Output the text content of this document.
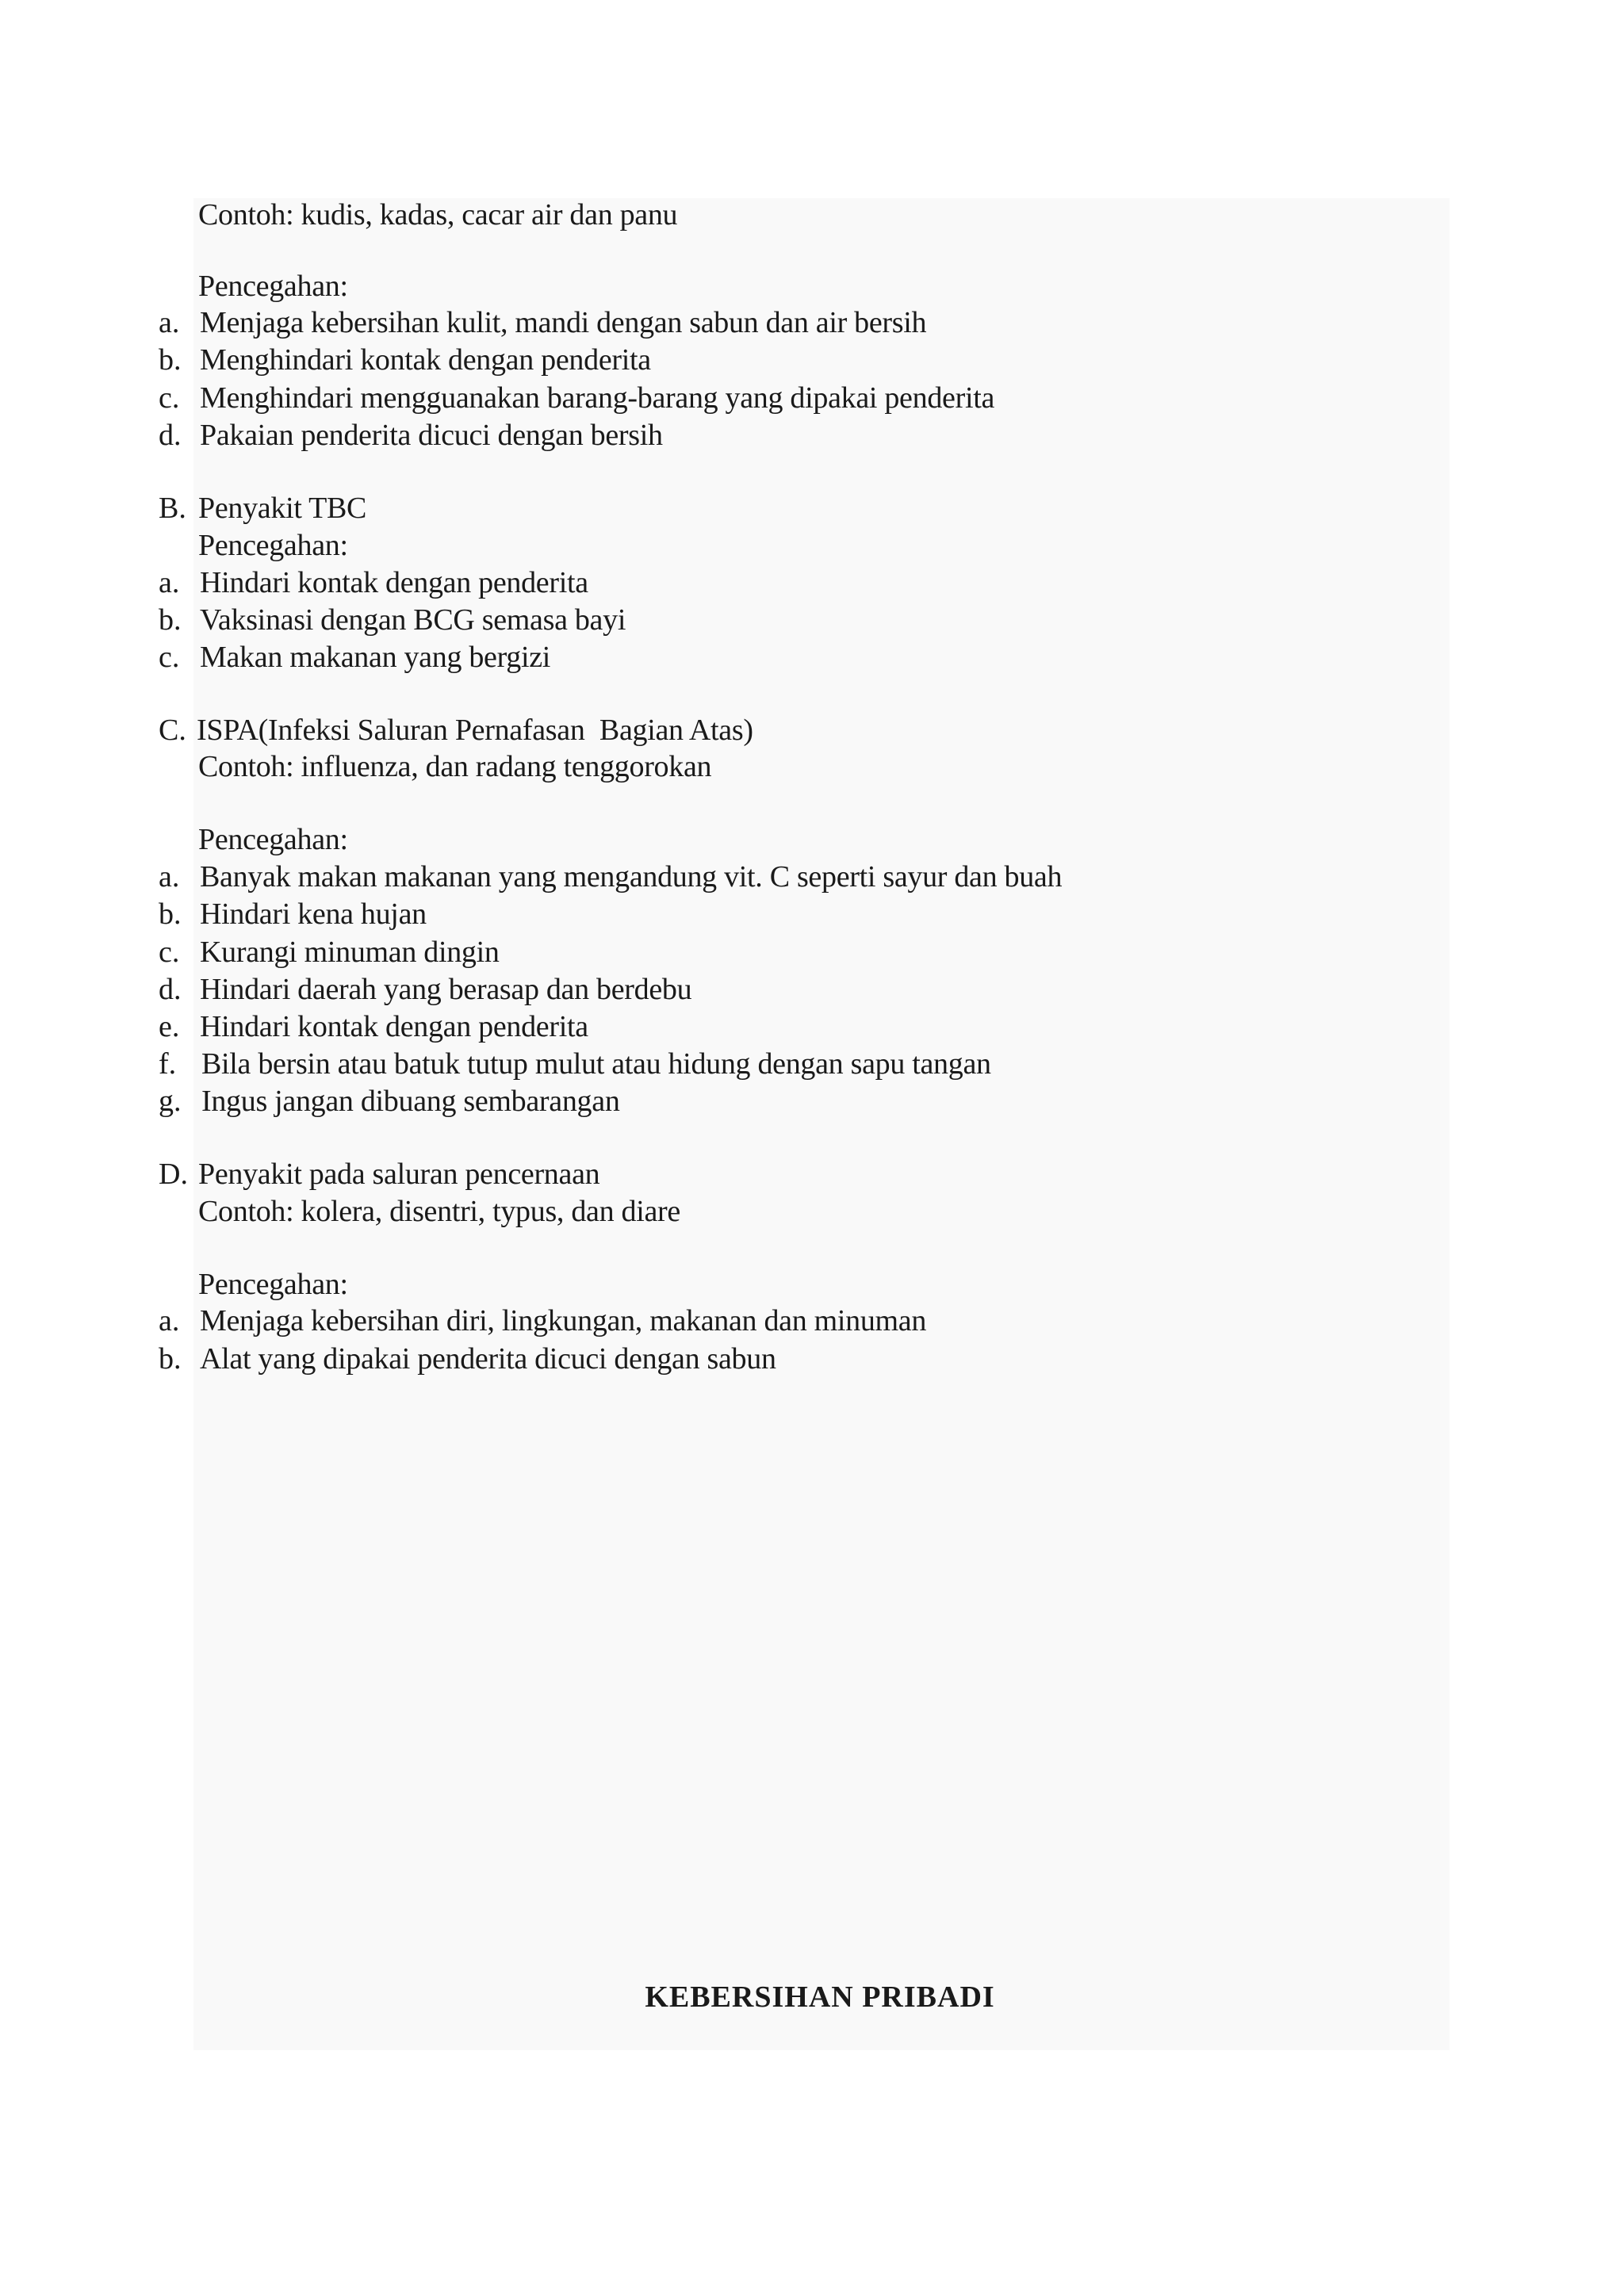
Contoh: kudis, kadas, cacar air dan panu
Pencegahan:
a. Menjaga kebersihan kulit, mandi dengan sabun dan air bersih
b. Menghindari kontak dengan penderita
c. Menghindari mengguanakan barang-barang yang dipakai penderita
d. Pakaian penderita dicuci dengan bersih
B. Penyakit TBC
Pencegahan:
a. Hindari kontak dengan penderita
b. Vaksinasi dengan BCG semasa bayi
c. Makan makanan yang bergizi
C. ISPA(Infeksi Saluran Pernafasan  Bagian Atas)
Contoh: influenza, dan radang tenggorokan
Pencegahan:
a. Banyak makan makanan yang mengandung vit. C seperti sayur dan buah
b. Hindari kena hujan
c. Kurangi minuman dingin
d. Hindari daerah yang berasap dan berdebu
e. Hindari kontak dengan penderita
f. Bila bersin atau batuk tutup mulut atau hidung dengan sapu tangan
g. Ingus jangan dibuang sembarangan
D. Penyakit pada saluran pencernaan
Contoh: kolera, disentri, typus, dan diare
Pencegahan:
a. Menjaga kebersihan diri, lingkungan, makanan dan minuman
b. Alat yang dipakai penderita dicuci dengan sabun
KEBERSIHAN PRIBADI
